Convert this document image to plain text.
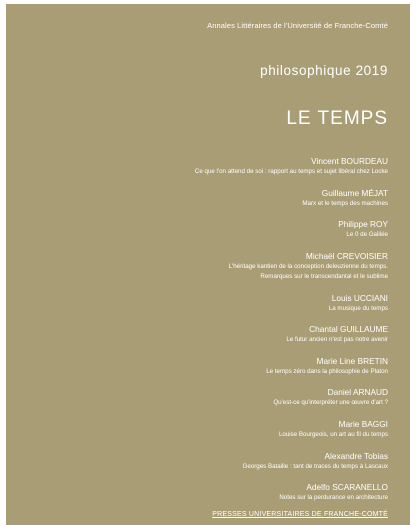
Annales Littéraires de l'Université de Franche-Comté
philosophique 2019
LE TEMPS
Vincent BOURDEAU
Ce que l'on attend de soi : rapport au temps et sujet libéral chez Locke
Guillaume MÉJAT
Marx et le temps des machines
Philippe ROY
Le 0 de Galilée
Michaël CREVOISIER
L'héritage kantien de la conception deleuzienne du temps.
Remarques sur le transcendantal et le sublime
Louis UCCIANI
La musique du temps
Chantal GUILLAUME
Le futur ancien n'est pas notre avenir
Marie Line BRETIN
Le temps zéro dans la philosophie de Platon
Daniel ARNAUD
Qu'est-ce qu'interpréter une œuvre d'art ?
Marie BAGGI
Louise Bourgeois, un art au fil du temps
Alexandre Tobias
Georges Bataille : tant de traces du temps à Lascaux
Adelfo SCARANELLO
Notes sur la perdurance en architecture
PRESSES UNIVERSITAIRES DE FRANCHE-COMTÉ
